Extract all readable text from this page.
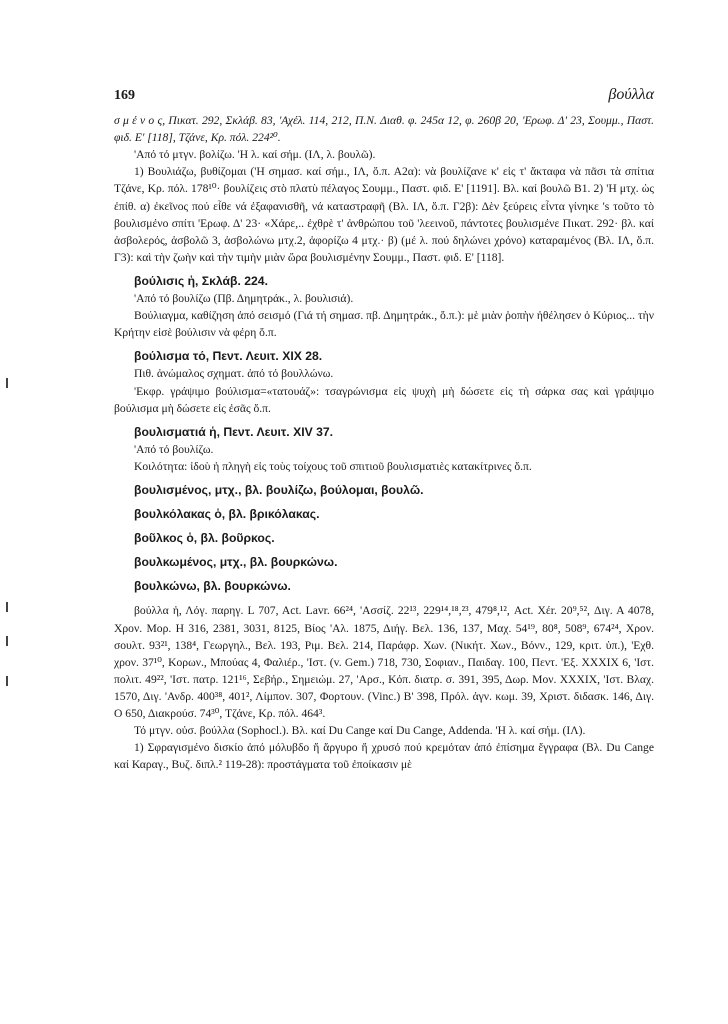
169	βούλλα

σ μ έ ν ο ς, Πικατ. 292, Σκλάβ. 83, 'Αχέλ. 114, 212, Π.Ν. Διαθ. φ. 245α 12, φ. 260β 20, 'Ερωφ. Δ' 23, Σουμμ., Παστ. φιδ. Ε' [118], Τζάνε, Κρ. πόλ. 224²⁰.

'Από τό μτγν. βολίζω. 'Η λ. καί σήμ. (ΙΛ, λ. βουλῶ).

1) Βουλιάζω, βυθίζομαι ('Η σημασ. καί σήμ., ΙΛ, ὅ.π. Α2α): νὰ βουλίζανε κ' εἰς τ' ἄκταφα νὰ πᾶσι τὰ σπίτια Τζάνε, Κρ. πόλ. 178¹⁰· βουλίζεις στὸ πλατὺ πέλαγος Σουμμ., Παστ. φιδ. Ε' [1191]. Βλ. καί βουλῶ Β1. 2) 'Η μτχ. ὡς ἐπίθ. α) ἐκεῖνος πού εἶθε νά ἐξαφανισθῆ, νά καταστραφῆ (Βλ. ΙΛ, ὅ.π. Γ2β): Δὲν ξεύρεις εἶντα γίνηκε 's τοῦτο τὸ βουλισμένο σπίτι 'Ερωφ. Δ' 23· «Χάρε,.. ἐχθρὲ τ' ἀνθρώπου τοῦ 'λεεινοῦ, πάντοτες βουλισμένε Πικατ. 292· βλ. καί ἀσβολερός, ἀσβολῶ 3, ἀσβολώνω μτχ.2, ἀφορίζω 4 μτχ.· β) (μέ λ. πού δηλώνει χρόνο) καταραμένος (Βλ. ΙΛ, ὅ.π. Γ3): καὶ τὴν ζωὴν καὶ τὴν τιμὴν μιὰν ὥρα βουλισμένην Σουμμ., Παστ. φιδ. Ε' [118].

βούλισις ἡ, Σκλάβ. 224.

'Από τό βουλίζω (Πβ. Δημητράκ., λ. βουλισιά).

Βούλιαγμα, καθίζηση ἀπό σεισμό (Γιά τή σημασ. πβ. Δημητράκ., ὅ.π.): μὲ μιὰν ῥοπὴν ἠθέλησεν ὁ Κύριος... τὴν Κρήτην εἰσὲ βούλισιν νὰ φέρη ὅ.π.

βούλισμα τό, Πεντ. Λευιτ. ΧΙΧ 28.

Πιθ. ἀνώμαλος σχηματ. ἀπό τό βουλλώνω.

'Εκφρ. γράψιμο βούλισμα=«τατουάζ»: τσαγρώνισμα εἰς ψυχὴ μὴ δώσετε εἰς τὴ σάρκα σας καὶ γράψιμο βούλισμα μὴ δώσετε εἰς ἐσᾶς ὅ.π.

βουλισματιά ἡ, Πεντ. Λευιτ. ΧΙV 37.

'Από τό βουλίζω.

Κοιλότητα: ἰδοὺ ἡ πληγὴ εἰς τοὺς τοίχους τοῦ σπιτιοῦ βουλισματιὲς κατακίτρινες ὅ.π.

βουλισμένος, μτχ., βλ. βουλίζω, βούλομαι, βουλῶ.

βουλκόλακας ὁ, βλ. βρικόλακας.

βοῦλκος ὁ, βλ. βοῦρκος.

βουλκωμένος, μτχ., βλ. βουρκώνω.

βουλκώνω, βλ. βουρκώνω.

βούλλα ἡ, Λόγ. παρηγ. L 707, Act. Lavr. 66²⁴, 'Ασσίζ. 22¹³, 229¹⁴,¹⁸,²³, 479⁸,¹², Act. Xέr. 20⁹,⁵², Διγ. Α 4078, Χρον. Μορ. Η 316, 2381, 3031, 8125, Βίος 'Αλ. 1875, Διήγ. Βελ. 136, 137, Μαχ. 54¹⁹, 80⁸, 508⁹, 674²⁴, Χρον. σουλτ. 93²¹, 138⁴, Γεωργηλ., Βελ. 193, Ριμ. Βελ. 214, Παράφρ. Χων. (Νικήτ. Χων., Βόνν., 129, κριτ. ὑπ.), 'Εχθ. χρον. 37¹⁰, Κορων., Μπούας 4, Φαλιέρ., 'Ιστ. (v. Gem.) 718, 730, Σοφιαν., Παιδαγ. 100, Πεντ. 'Εξ. ΧΧΧΙΧ 6, 'Ιστ. πολιτ. 49²², 'Ιστ. πατρ. 121¹⁶, Σεβήρ., Σημειώμ. 27, 'Αρσ., Κόπ. διατρ. σ. 391, 395, Δωρ. Μον. ΧΧΧΙΧ, 'Ιστ. Βλαχ. 1570, Διγ. 'Ανδρ. 400³⁸, 401², Λίμπον. 307, Φορτουν. (Vinc.) Β' 398, Πρόλ. ἀγν. κωμ. 39, Χριστ. διδασκ. 146, Διγ. Ο 650, Διακρούσ. 74³⁰, Τζάνε, Κρ. πόλ. 464³.

Τό μτγν. οὐσ. βούλλα (Sophocl.). Βλ. καί Du Cange καί Du Cange, Addenda. 'Η λ. καί σήμ. (ΙΛ).

1) Σφραγισμένο δισκίο ἀπό μόλυβδο ἤ ἄργυρο ἤ χρυσό πού κρεμόταν ἀπό ἐπίσημα ἔγγραφα (Βλ. Du Cange καί Καραγ., Βυζ. διπλ.² 119-28): προστάγματα τοῦ ἐποίκασιν μὲ
